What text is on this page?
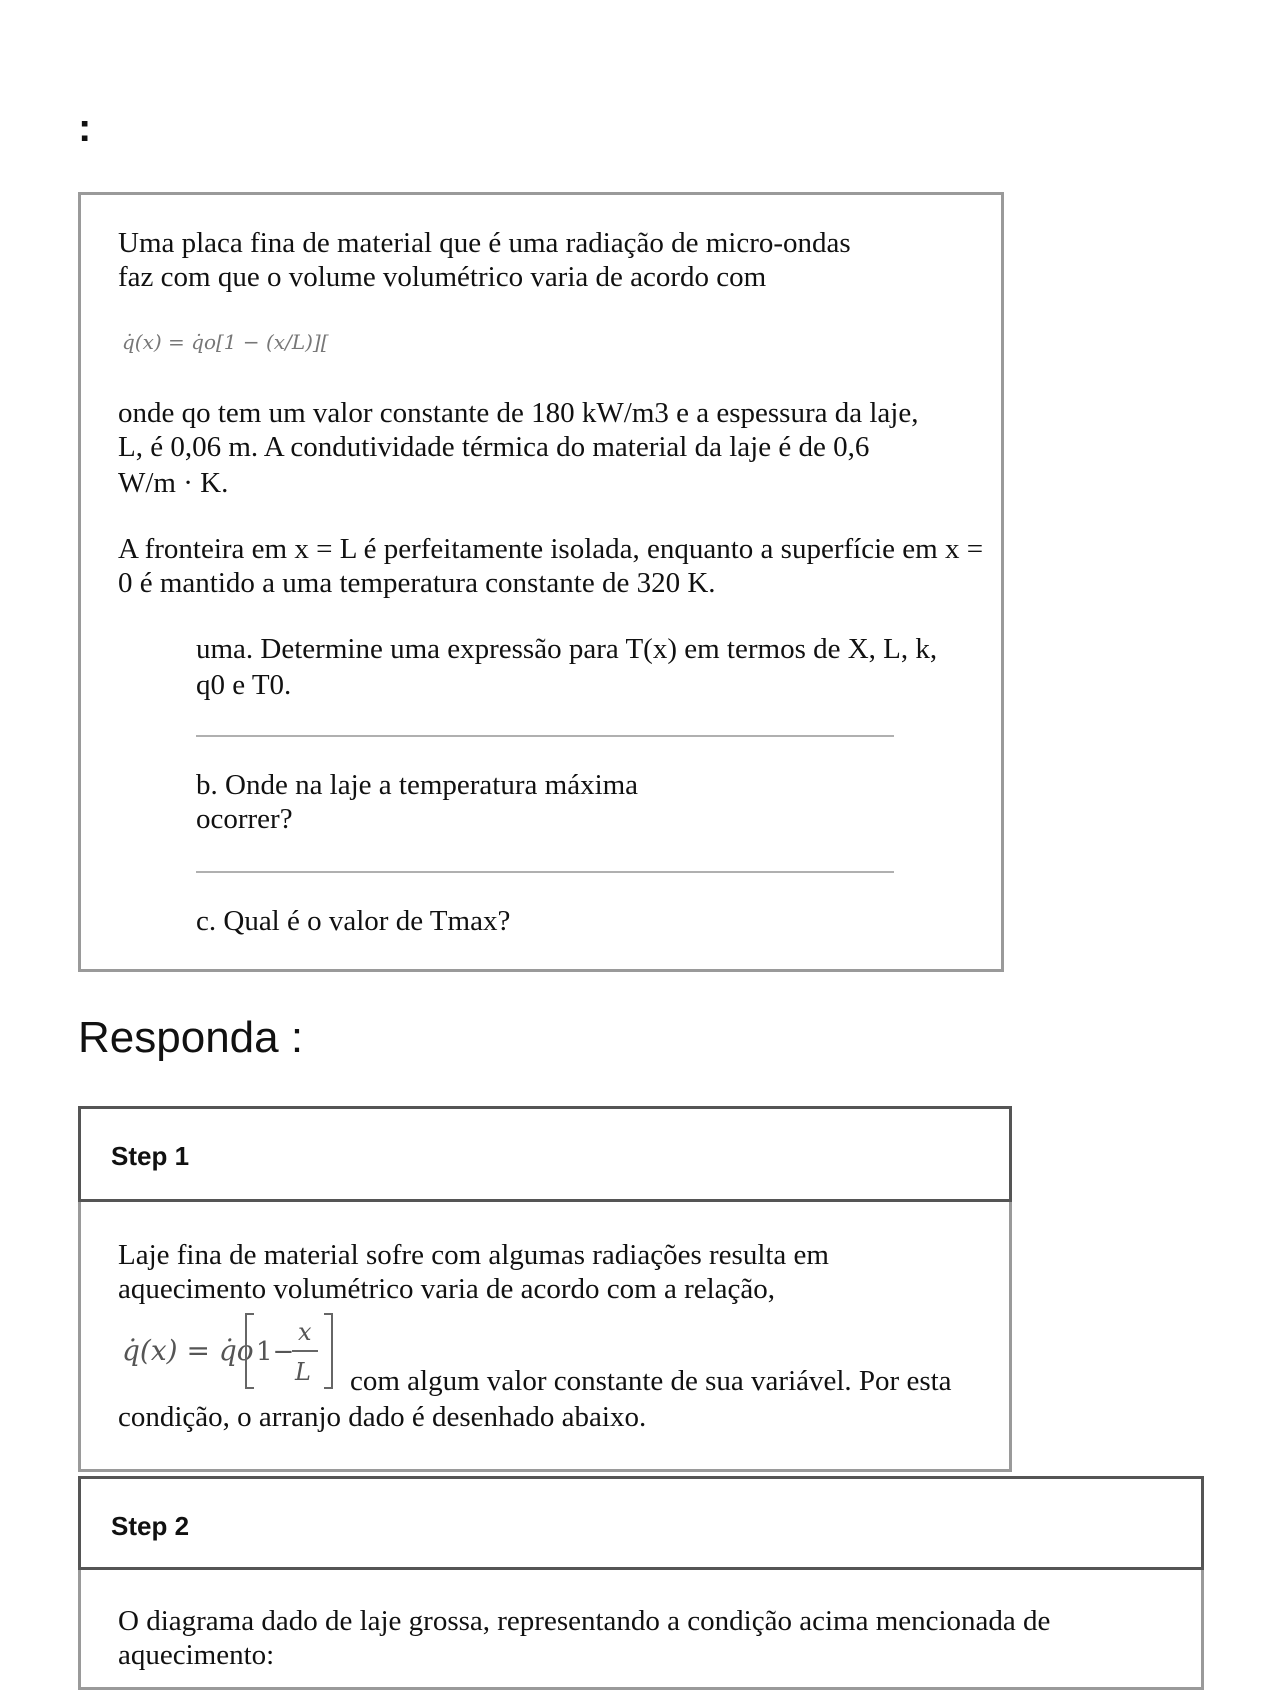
:

Uma placa fina de material que é uma radiação de micro-ondas

faz com que o volume volumétrico varia de acordo com

q̇(x) = q̇o[1 − (x/L)][

onde qo tem um valor constante de 180 kW/m3 e a espessura da laje,

L, é 0,06 m. A condutividade térmica do material da laje é de 0,6

W/m · K.

A fronteira em x = L é perfeitamente isolada, enquanto a superfície em x =

0 é mantido a uma temperatura constante de 320 K.

uma. Determine uma expressão para T(x) em termos de X, L, k,

q0 e T0.

b. Onde na laje a temperatura máxima

ocorrer?

c. Qual é o valor de Tmax?

Responda :
Step 1

Laje fina de material sofre com algumas radiações resulta em

aquecimento volumétrico varia de acordo com a relação,

q̇(x) = q̇o 1−
x
L com algum valor constante de sua variável. Por esta

condição, o arranjo dado é desenhado abaixo.

Step 2

O diagrama dado de laje grossa, representando a condição acima mencionada de

aquecimento:
